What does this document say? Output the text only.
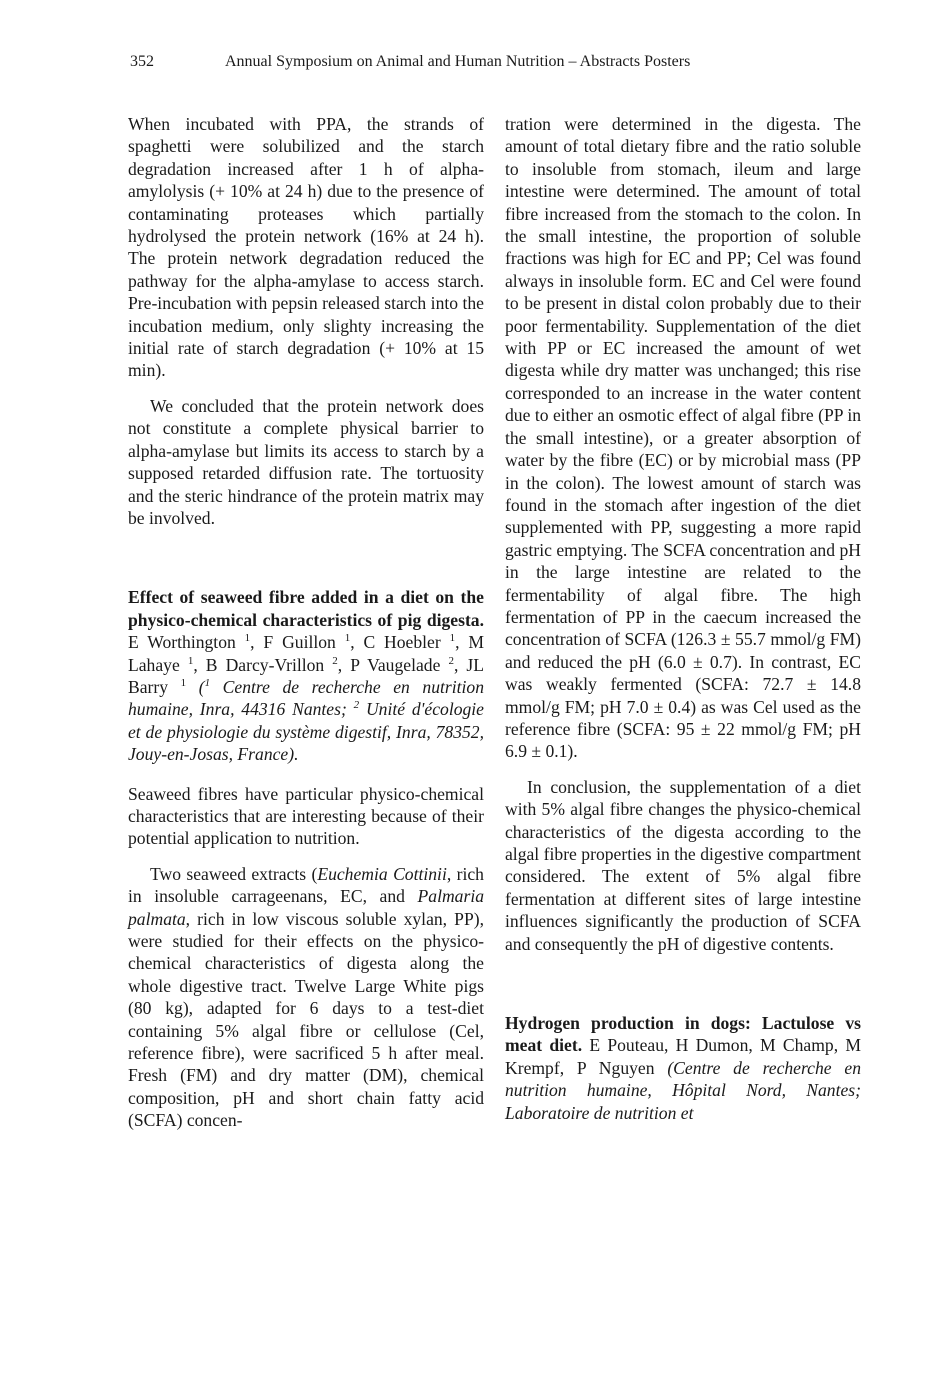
352	Annual Symposium on Animal and Human Nutrition – Abstracts Posters

When incubated with PPA, the strands of spaghetti were solubilized and the starch degradation increased after 1 h of alpha-amylolysis (+ 10% at 24 h) due to the presence of contaminating proteases which partially hydrolysed the protein network (16% at 24 h). The protein network degradation reduced the pathway for the alpha-amylase to access starch. Pre-incubation with pepsin released starch into the incubation medium, only slighty increasing the initial rate of starch degradation (+ 10% at 15 min).

We concluded that the protein network does not constitute a complete physical barrier to alpha-amylase but limits its access to starch by a supposed retarded diffusion rate. The tortuosity and the steric hindrance of the protein matrix may be involved.

Effect of seaweed fibre added in a diet on the physico-chemical characteristics of pig digesta. E Worthington $^1$, F Guillon $^1$, C Hoebler $^1$, M Lahaye $^1$, B Darcy-Vrillon $^2$, P Vaugelade $^2$, JL Barry $^1$ ($^1$ Centre de recherche en nutrition humaine, Inra, 44316 Nantes; $^2$ Unité d'écologie et de physiologie du système digestif, Inra, 78352, Jouy-en-Josas, France).

Seaweed fibres have particular physico-chemical characteristics that are interesting because of their potential application to nutrition.

Two seaweed extracts (Euchemia Cottinii, rich in insoluble carrageenans, EC, and Palmaria palmata, rich in low viscous soluble xylan, PP), were studied for their effects on the physico-chemical characteristics of digesta along the whole digestive tract. Twelve Large White pigs (80 kg), adapted for 6 days to a test-diet containing 5% algal fibre or cellulose (Cel, reference fibre), were sacrificed 5 h after meal. Fresh (FM) and dry matter (DM), chemical composition, pH and short chain fatty acid (SCFA) concen-

tration were determined in the digesta. The amount of total dietary fibre and the ratio soluble to insoluble from stomach, ileum and large intestine were determined. The amount of total fibre increased from the stomach to the colon. In the small intestine, the proportion of soluble fractions was high for EC and PP; Cel was found always in insoluble form. EC and Cel were found to be present in distal colon probably due to their poor fermentability. Supplementation of the diet with PP or EC increased the amount of wet digesta while dry matter was unchanged; this rise corresponded to an increase in the water content due to either an osmotic effect of algal fibre (PP in the small intestine), or a greater absorption of water by the fibre (EC) or by microbial mass (PP in the colon). The lowest amount of starch was found in the stomach after ingestion of the diet supplemented with PP, suggesting a more rapid gastric emptying. The SCFA concentration and pH in the large intestine are related to the fermentability of algal fibre. The high fermentation of PP in the caecum increased the concentration of SCFA (126.3 ± 55.7 mmol/g FM) and reduced the pH (6.0 ± 0.7). In contrast, EC was weakly fermented (SCFA: 72.7 ± 14.8 mmol/g FM; pH 7.0 ± 0.4) as was Cel used as the reference fibre (SCFA: 95 ± 22 mmol/g FM; pH 6.9 ± 0.1).

In conclusion, the supplementation of a diet with 5% algal fibre changes the physico-chemical characteristics of the digesta according to the algal fibre properties in the digestive compartment considered. The extent of 5% algal fibre fermentation at different sites of large intestine influences significantly the production of SCFA and consequently the pH of digestive contents.

Hydrogen production in dogs: Lactulose vs meat diet. E Pouteau, H Dumon, M Champ, M Krempf, P Nguyen (Centre de recherche en nutrition humaine, Hôpital Nord, Nantes; Laboratoire de nutrition et
